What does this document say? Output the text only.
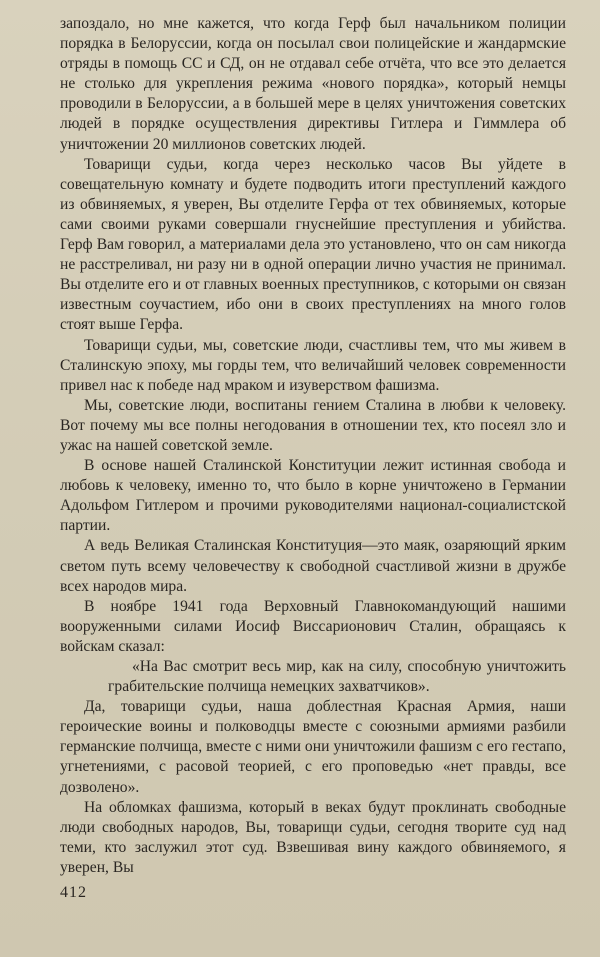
запоздало, но мне кажется, что когда Герф был начальником полиции порядка в Белоруссии, когда он посылал свои полицейские и жандармские отряды в помощь СС и СД, он не отдавал себе отчёта, что все это делается не столько для укрепления режима «нового порядка», который немцы проводили в Белоруссии, а в большей мере в целях уничтожения советских людей в порядке осуществления директивы Гитлера и Гиммлера об уничтожении 20 миллионов советских людей.

Товарищи судьи, когда через несколько часов Вы уйдете в совещательную комнату и будете подводить итоги преступлений каждого из обвиняемых, я уверен, Вы отделите Герфа от тех обвиняемых, которые сами своими руками совершали гнуснейшие преступления и убийства. Герф Вам говорил, а материалами дела это установлено, что он сам никогда не расстреливал, ни разу ни в одной операции лично участия не принимал. Вы отделите его и от главных военных преступников, с которыми он связан известным соучастием, ибо они в своих преступлениях на много голов стоят выше Герфа.

Товарищи судьи, мы, советские люди, счастливы тем, что мы живем в Сталинскую эпоху, мы горды тем, что величайший человек современности привел нас к победе над мраком и изуверством фашизма.

Мы, советские люди, воспитаны гением Сталина в любви к человеку. Вот почему мы все полны негодования в отношении тех, кто посеял зло и ужас на нашей советской земле.

В основе нашей Сталинской Конституции лежит истинная свобода и любовь к человеку, именно то, что было в корне уничтожено в Германии Адольфом Гитлером и прочими руководителями национал-социалистской партии.

А ведь Великая Сталинская Конституция—это маяк, озаряющий ярким светом путь всему человечеству к свободной счастливой жизни в дружбе всех народов мира.

В ноябре 1941 года Верховный Главнокомандующий нашими вооруженными силами Иосиф Виссарионович Сталин, обращаясь к войскам сказал:

«На Вас смотрит весь мир, как на силу, способную уничтожить грабительские полчища немецких захватчиков».

Да, товарищи судьи, наша доблестная Красная Армия, наши героические воины и полководцы вместе с союзными армиями разбили германские полчища, вместе с ними они уничтожили фашизм с его гестапо, угнетениями, с расовой теорией, с его проповедью «нет правды, все дозволено».

На обломках фашизма, который в веках будут проклинать свободные люди свободных народов, Вы, товарищи судьи, сегодня творите суд над теми, кто заслужил этот суд. Взвешивая вину каждого обвиняемого, я уверен, Вы

412
